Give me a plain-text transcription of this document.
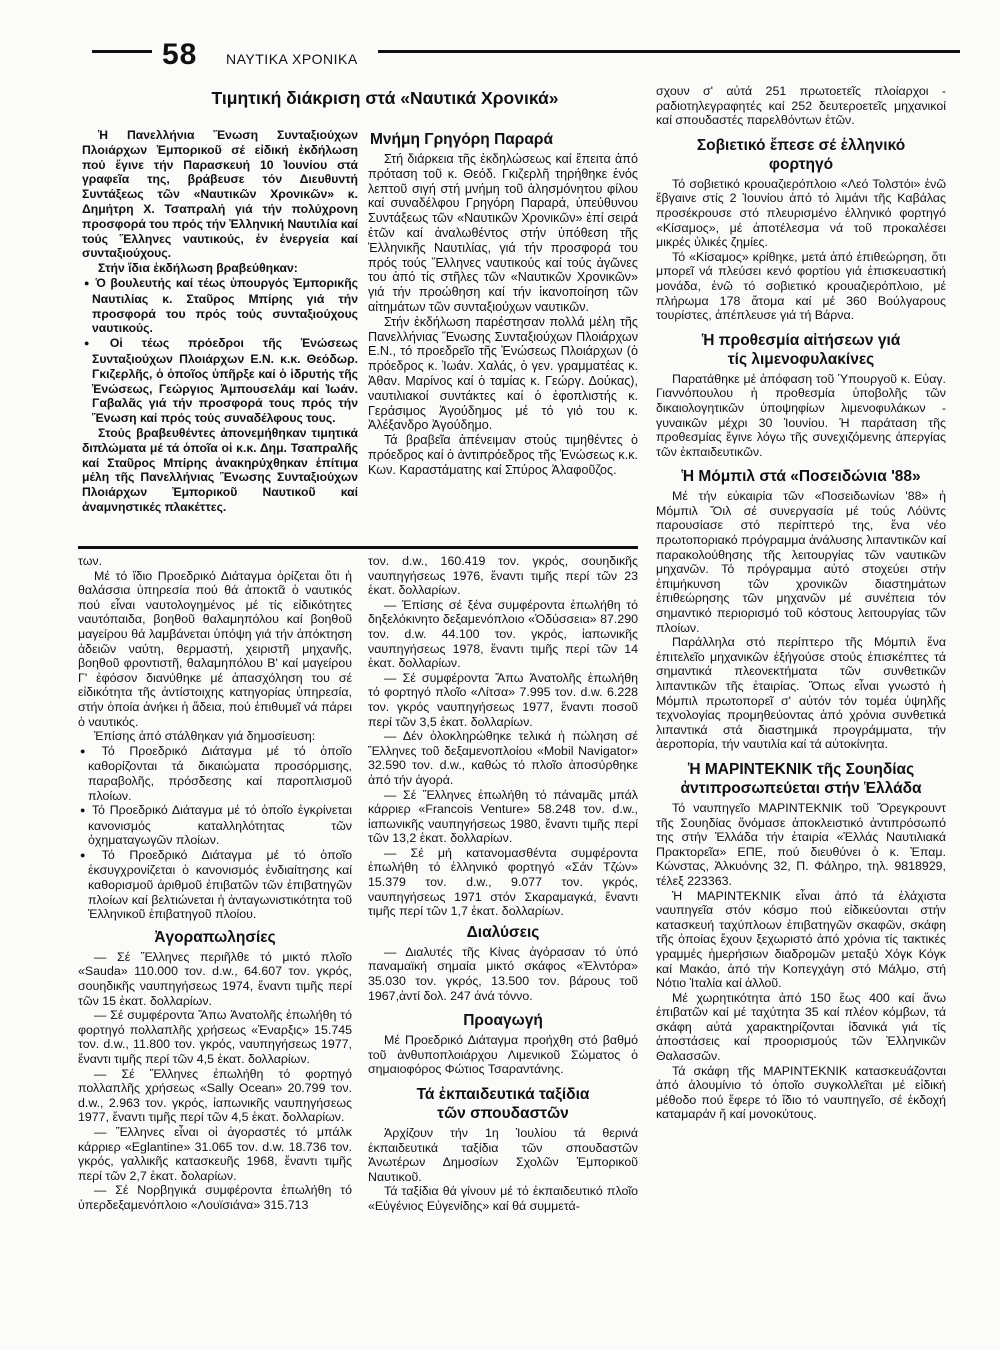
58 ΝΑΥΤΙΚΑ ΧΡΟΝΙΚΑ
Τιμητική διάκριση στά «Ναυτικά Χρονικά»

Ἡ Πανελλήνια Ἕνωση Συνταξιούχων Πλοιάρχων Ἐμπορικοῦ σέ εἰδική ἐκδήλωση πού ἔγινε τήν Παρασκευή 10 Ἰουνίου στά γραφεῖα της, βράβευσε τόν Διευθυντή Συντάξεως τῶν «Ναυτικῶν Χρονικῶν» κ. Δημήτρη Χ. Τσαπραλή γιά τήν πολύχρονη προσφορά του πρός τήν Ἑλληνική Ναυτιλία καί τούς Ἕλληνες ναυτικούς, ἐν ἐνεργεία καί συνταξιούχους.

Στήν ἴδια ἐκδήλωση βραβεύθηκαν:

● Ὁ βουλευτής καί τέως ὑπουργός Ἐμπορικῆς Ναυτιλίας κ. Σταῦρος Μπίρης γιά τήν προσφορά του πρός τούς συνταξιούχους ναυτικούς.

● Οἱ τέως πρόεδροι τῆς Ἑνώσεως Συνταξιούχων Πλοιάρχων Ε.Ν. κ.κ. Θεόδωρ. Γκιζερλῆς, ὁ ὁποῖος ὑπῆρξε καί ὁ ἱδρυτής τῆς Ἑνώσεως, Γεώργιος Ἀμπουσελάμ καί Ἰωάν. Γαβαλᾶς γιά τήν προσφορά τους πρός τήν Ἕνωση καί πρός τούς συναδέλφους τους.

Στούς βραβευθέντες ἀπονεμήθηκαν τιμητικά διπλώματα μέ τά ὁποῖα οἱ κ.κ. Δημ. Τσαπραλῆς καί Σταῦρος Μπίρης ἀνακηρύχθηκαν ἐπίτιμα μέλη τῆς Πανελλήνιας Ἕνωσης Συνταξιούχων Πλοιάρχων Ἐμπορικοῦ Ναυτικοῦ καί ἀναμνηστικές πλακέττες.

Μνήμη Γρηγόρη Παραρά

Στή διάρκεια τῆς ἐκδηλώσεως καί ἔπειτα ἀπό πρόταση τοῦ κ. Θεόδ. Γκιζερλῆ τηρήθηκε ἑνός λεπτοῦ σιγή στή μνήμη τοῦ ἀλησμόνητου φίλου καί συναδέλφου Γρηγόρη Παραρά, ὑπεύθυνου Συντάξεως τῶν «Ναυτικῶν Χρονικῶν» ἐπί σειρά ἐτῶν καί ἀναλωθέντος στήν ὑπόθεση τῆς Ἑλληνικῆς Ναυτιλίας, γιά τήν προσφορά του πρός τούς Ἕλληνες ναυτικούς καί τούς ἀγῶνες του ἀπό τίς στῆλες τῶν «Ναυτικῶν Χρονικῶν» γιά τήν προώθηση καί τήν ἱκανοποίηση τῶν αἰτημάτων τῶν συνταξιούχων ναυτικῶν.

Στήν ἐκδήλωση παρέστησαν πολλά μέλη τῆς Πανελλήνιας Ἕνωσης Συνταξιούχων Πλοιάρχων Ε.Ν., τό προεδρεῖο τῆς Ἑνώσεως Πλοιάρχων (ὁ πρόεδρος κ. Ἰωάν. Χαλάς, ὁ γεν. γραμματέας κ. Ἀθαν. Μαρίνος καί ὁ ταμίας κ. Γεώργ. Δούκας), ναυτιλιακοί συντάκτες καί ὁ ἐφοπλιστής κ. Γεράσιμος Ἀγούδημος μέ τό γιό του κ. Ἀλέξανδρο Ἀγούδημο.

Τά βραβεῖα ἀπένειμαν στούς τιμηθέντες ὁ πρόεδρος καί ὁ ἀντιπρόεδρος τῆς Ἑνώσεως κ.κ. Κων. Καραστάματης καί Σπύρος Ἀλαφοῦζος.

των.

Μέ τό ἴδιο Προεδρικό Διάταγμα ὁρίζεται ὅτι ἡ θαλάσσια ὑπηρεσία πού θά ἀποκτᾶ ὁ ναυτικός πού εἶναι ναυτολογημένος μέ τίς εἰδικότητες ναυτόπαιδα, βοηθοῦ θαλαμηπόλου καί βοηθοῦ μαγείρου θά λαμβάνεται ὑπόψη γιά τήν ἀπόκτηση ἀδειῶν ναύτη, θερμαστή, χειριστῆ μηχανῆς, βοηθοῦ φροντιστῆ, θαλαμηπόλου Β' καί μαγείρου Γ' ἐφόσον διανύθηκε μέ ἀπασχόληση του σέ εἰδικότητα τῆς ἀντίστοιχης κατηγορίας ὑπηρεσία, στήν ὁποία ἀνήκει ἡ ἄδεια, πού ἐπιθυμεῖ νά πάρει ὁ ναυτικός.

Ἐπίσης ἀπό στάλθηκαν γιά δημοσίευση:

● Τό Προεδρικό Διάταγμα μέ τό ὁποῖο καθορίζονται τά δικαιώματα προσόρμισης, παραβολῆς, πρόσδεσης καί παροπλισμοῦ πλοίων.

● Τό Προεδρικό Διάταγμα μέ τό ὁποῖο ἐγκρίνεται κανονισμός καταλληλότητας τῶν ὀχηματαγωγῶν πλοίων.

● Τό Προεδρικό Διάταγμα μέ τό ὁποῖο ἐκσυγχρονίζεται ὁ κανονισμός ἐνδιαίτησης καί καθορισμοῦ ἀριθμοῦ ἐπιβατῶν τῶν ἐπιβατηγῶν πλοίων καί βελτιώνεται ἡ ἀνταγωνιστικότητα τοῦ Ἑλληνικοῦ ἐπιβατηγοῦ πλοίου.

Ἀγοραπωλησίες

— Σέ Ἕλληνες περιῆλθε τό μικτό πλοῖο «Sauda» 110.000 τον. d.w., 64.607 τον. γκρός, σουηδικῆς ναυπηγήσεως 1974, ἔναντι τιμῆς περί τῶν 15 ἑκατ. δολλαρίων.

— Σέ συμφέροντα Ἄπω Ἀνατολῆς ἐπωλήθη τό φορτηγό πολλαπλῆς χρήσεως «Ἐναρξις» 15.745 τον. d.w., 11.800 τον. γκρός, ναυπηγήσεως 1977, ἔναντι τιμῆς περί τῶν 4,5 ἑκατ. δολλαρίων.

— Σέ Ἕλληνες ἐπωλήθη τό φορτηγό πολλαπλῆς χρήσεως «Sally Ocean» 20.799 τον. d.w., 2.963 τον. γκρός, ἰαπωνικῆς ναυπηγήσεως 1977, ἔναντι τιμῆς περί τῶν 4,5 ἑκατ. δολλαρίων.

— Ἕλληνες εἶναι οἱ ἀγοραστές τό μπάλκ κάρριερ «Eglantine» 31.065 τον. d.w. 18.736 τον. γκρός, γαλλικῆς κατασκευῆς 1968, ἔναντι τιμῆς περί τῶν 2,7 ἑκατ. δολαρίων.

— Σέ Νορβηγικά συμφέροντα ἐπωλήθη τό ὑπερδεξαμενόπλοιο «Λουϊσιάνα» 315.713

τον. d.w., 160.419 τον. γκρός, σουηδικῆς ναυπηγήσεως 1976, ἔναντι τιμῆς περί τῶν 23 ἑκατ. δολλαρίων.

— Ἐπίσης σέ ξένα συμφέροντα ἐπωλήθη τό δηξελόκινητο δεξαμενόπλοιο «Ὀδύσσεια» 87.290 τον. d.w. 44.100 τον. γκρός, ἰαπωνικῆς ναυπηγήσεως 1978, ἔναντι τιμῆς περί τῶν 14 ἑκατ. δολλαρίων.

— Σέ συμφέροντα Ἄπω Ἀνατολῆς ἐπωλήθη τό φορτηγό πλοῖο «Λίτσα» 7.995 τον. d.w. 6.228 τον. γκρός ναυπηγήσεως 1977, ἔναντι ποσοῦ περί τῶν 3,5 ἑκατ. δολλαρίων.

— Δέν ὁλοκληρώθηκε τελικά ἡ πώληση σέ Ἕλληνες τοῦ δεξαμενοπλοίου «Mobil Navigator» 32.590 τον. d.w., καθώς τό πλοῖο ἀποσύρθηκε ἀπό τήν ἀγορά.

— Σέ Ἕλληνες ἐπωλήθη τό πάναμᾶς μπάλ κάρριερ «Francois Venture» 58.248 τον. d.w., ἰαπωνικῆς ναυπηγήσεως 1980, ἔναντι τιμῆς περί τῶν 13,2 ἑκατ. δολλαρίων.

— Σέ μή κατανομασθέντα συμφέροντα ἐπωλήθη τό ἑλληνικό φορτηγό «Σάν Τζών» 15.379 τον. d.w., 9.077 τον. γκρός, ναυπηγήσεως 1971 στόν Σκαραμαγκά, ἔναντι τιμῆς περί τῶν 1,7 ἑκατ. δολλαρίων.

Διαλύσεις

— Διαλυτές τῆς Κίνας ἀγόρασαν τό ὑπό παναμαϊκή σημαία μικτό σκάφος «Ἐλντόρα» 35.030 τον. γκρός, 13.500 τον. βάρους τοῦ 1967,ἀντί δολ. 247 ἀνά τόννο.

Προαγωγή

Μέ Προεδρικό Διάταγμα προήχθη στό βαθμό τοῦ ἀνθυποπλοιάρχου Λιμενικοῦ Σώματος ὁ σημαιοφόρος Φώτιος Τσαραντάνης.

Τά ἐκπαιδευτικά ταξίδια τῶν σπουδαστῶν

Ἀρχίζουν τήν 1η Ἰουλίου τά θερινά ἐκπαιδευτικά ταξίδια τῶν σπουδαστῶν Ἀνωτέρων Δημοσίων Σχολῶν Ἐμπορικοῦ Ναυτικοῦ.

Τά ταξίδια θά γίνουν μέ τό ἐκπαιδευτικό πλοῖο «Εὐγένιος Εὐγενίδης» καί θά συμμετά-

σχουν σ' αὐτά 251 πρωτοετεῖς πλοίαρχοι - ραδιοτηλεγραφητές καί 252 δευτεροετεῖς μηχανικοί καί σπουδαστές παρελθόντων ἐτῶν.

Σοβιετικό ἔπεσε σέ ἑλληνικό φορτηγό

Τό σοβιετικό κρουαζιερόπλοιο «Λεό Τολστόι» ἐνῶ ἔβγαινε στίς 2 Ἰουνίου ἀπό τό λιμάνι τῆς Καβάλας προσέκρουσε στό πλευρισμένο ἑλληνικό φορτηγό «Κίσαμος», μέ ἀποτέλεσμα νά τοῦ προκαλέσει μικρές ὑλικές ζημίες.

Τό «Κίσαμος» κρίθηκε, μετά ἀπό ἐπιθεώρηση, ὅτι μπορεῖ νά πλεύσει κενό φορτίου γιά ἐπισκευαστική μονάδα, ἐνῶ τό σοβιετικό κρουαζιερόπλοιο, μέ πλήρωμα 178 ἄτομα καί μέ 360 Βούλγαρους τουρίστες, ἀπέπλευσε γιά τή Βάρνα.

Ἡ προθεσμία αἰτήσεων γιά τίς λιμενοφυλακίνες

Παρατάθηκε μέ ἀπόφαση τοῦ Ὑπουργοῦ κ. Εὐαγ. Γιαννόπουλου ἡ προθεσμία ὑποβολῆς τῶν δικαιολογητικῶν ὑποψηφίων λιμενοφυλάκων - γυναικῶν μέχρι 30 Ἰουνίου. Ἡ παράταση τῆς προθεσμίας ἔγινε λόγω τῆς συνεχιζόμενης ἀπεργίας τῶν ἐκπαιδευτικῶν.

Ἡ Μόμπιλ στά «Ποσειδώνια '88»

Μέ τήν εὐκαιρία τῶν «Ποσειδωνίων '88» ἡ Μόμπιλ Ὄιλ σέ συνεργασία μέ τούς Λόϋντς παρουσίασε στό περίπτερό της, ἕνα νέο πρωτοποριακό πρόγραμμα ἀνάλυσης λιπαντικῶν καί παρακολούθησης τῆς λειτουργίας τῶν ναυτικῶν μηχανῶν. Τό πρόγραμμα αὐτό στοχεύει στήν ἐπιμήκυνση τῶν χρονικῶν διαστημάτων ἐπιθεώρησης τῶν μηχανῶν μέ συνέπεια τόν σημαντικό περιορισμό τοῦ κόστους λειτουργίας τῶν πλοίων.

Παράλληλα στό περίπτερο τῆς Μόμπιλ ἕνα ἐπιτελεῖο μηχανικῶν ἐξήγούσε στούς ἐπισκέπτες τά σημαντικά πλεονεκτήματα τῶν συνθετικῶν λιπαντικῶν τῆς ἑταιρίας. Ὅπως εἶναι γνωστό ἡ Μόμπιλ πρωτοπορεῖ σ' αὐτόν τόν τομέα ὑψηλῆς τεχνολογίας προμηθεύοντας ἀπό χρόνια συνθετικά λιπαντικά στά διαστημικά προγράμματα, τήν ἀεροπορία, τήν ναυτιλία καί τά αὐτοκίνητα.

Ἡ ΜΑΡΙΝΤΕΚΝΙΚ τῆς Σουηδίας ἀντιπροσωπεύεται στήν Ἑλλάδα

Τό ναυπηγεῖο ΜΑΡΙΝΤΕΚΝΙΚ τοῦ Ὄρεγκρουντ τῆς Σουηδίας ὅνόμασε ἀποκλειστικό ἀντιπρόσωπό της στήν Ἑλλάδα τήν ἑταιρία «Ἑλλάς Ναυτιλιακά Πρακτορεῖα» ΕΠΕ, πού διευθύνει ὁ κ. Ἐπαμ. Κώνστας, Ἀλκυόνης 32, Π. Φάληρο, τηλ. 9818929, τέλεξ 223363.

Ἡ ΜΑΡΙΝΤΕΚΝΙΚ εἶναι ἀπό τά ἐλάχιστα ναυπηγεῖα στόν κόσμο πού εἰδικεύονται στήν κατασκευή ταχύπλοων ἐπιβατηγῶν σκαφῶν, σκάφη τῆς ὁποίας ἔχουν ξεχωριστό ἀπό χρόνια τίς τακτικές γραμμές ἡμερήσιων διαδρομῶν μεταξύ Χόγκ Κόγκ καί Μακάο, ἀπό τήν Κοπεγχάγη στό Μάλμο, στή Νότιο Ἰταλία καί ἀλλοῦ.

Μέ χωρητικότητα ἀπό 150 ἕως 400 καί ἄνω ἐπιβατῶν καί μέ ταχύτητα 35 καί πλέον κόμβων, τά σκάφη αὐτά χαρακτηρίζονται ἰδανικά γιά τίς ἀποστάσεις καί προορισμούς τῶν Ἑλληνικῶν Θαλασσῶν.

Τά σκάφη τῆς ΜΑΡΙΝΤΕΚΝΙΚ κατασκευάζονται ἀπό ἀλουμίνιο τό ὁποῖο συγκολλεῖται μέ εἰδική μέθοδο πού ἔφερε τό ἴδιο τό ναυπηγεῖο, σέ ἐκδοχή καταμαράν ἤ καί μονοκύτους.
